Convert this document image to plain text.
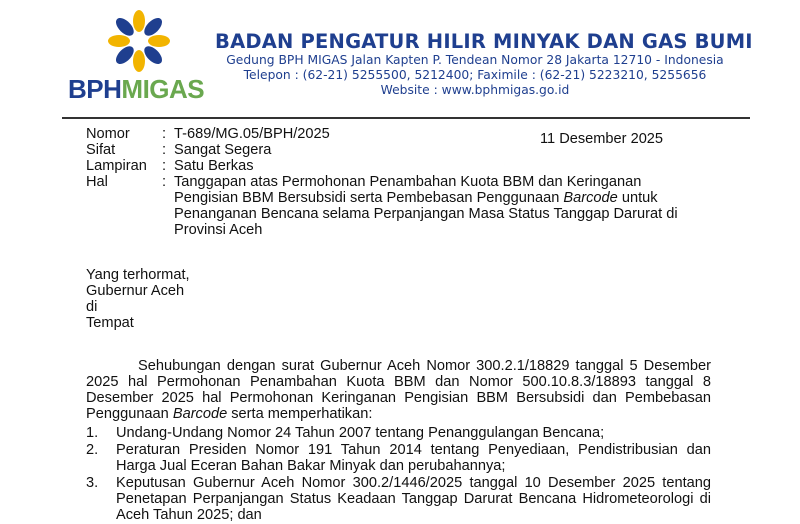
BPHMIGAS
BADAN PENGATUR HILIR MINYAK DAN GAS BUMI
Gedung BPH MIGAS Jalan Kapten P. Tendean Nomor 28 Jakarta 12710 - Indonesia
Telepon : (62-21) 5255500, 5212400; Faximile : (62-21) 5223210, 5255656
Website : www.bphmigas.go.id
Nomor	: T-689/MG.05/BPH/2025
Sifat	: Sangat Segera
Lampiran	: Satu Berkas
Hal	: Tanggapan atas Permohonan Penambahan Kuota BBM dan Keringanan Pengisian BBM Bersubsidi serta Pembebasan Penggunaan Barcode untuk Penanganan Bencana selama Perpanjangan Masa Status Tanggap Darurat di Provinsi Aceh
11 Desember 2025
Yang terhormat,
Gubernur Aceh
di
Tempat
Sehubungan dengan surat Gubernur Aceh Nomor 300.2.1/18829 tanggal 5 Desember 2025 hal Permohonan Penambahan Kuota BBM dan Nomor 500.10.8.3/18893 tanggal 8 Desember 2025 hal Permohonan Keringanan Pengisian BBM Bersubsidi dan Pembebasan Penggunaan Barcode serta memperhatikan:
1.	Undang-Undang Nomor 24 Tahun 2007 tentang Penanggulangan Bencana;
2.	Peraturan Presiden Nomor 191 Tahun 2014 tentang Penyediaan, Pendistribusian dan Harga Jual Eceran Bahan Bakar Minyak dan perubahannya;
3.	Keputusan Gubernur Aceh Nomor 300.2/1446/2025 tanggal 10 Desember 2025 tentang Penetapan Perpanjangan Status Keadaan Tanggap Darurat Bencana Hidrometeorologi di Aceh Tahun 2025; dan
